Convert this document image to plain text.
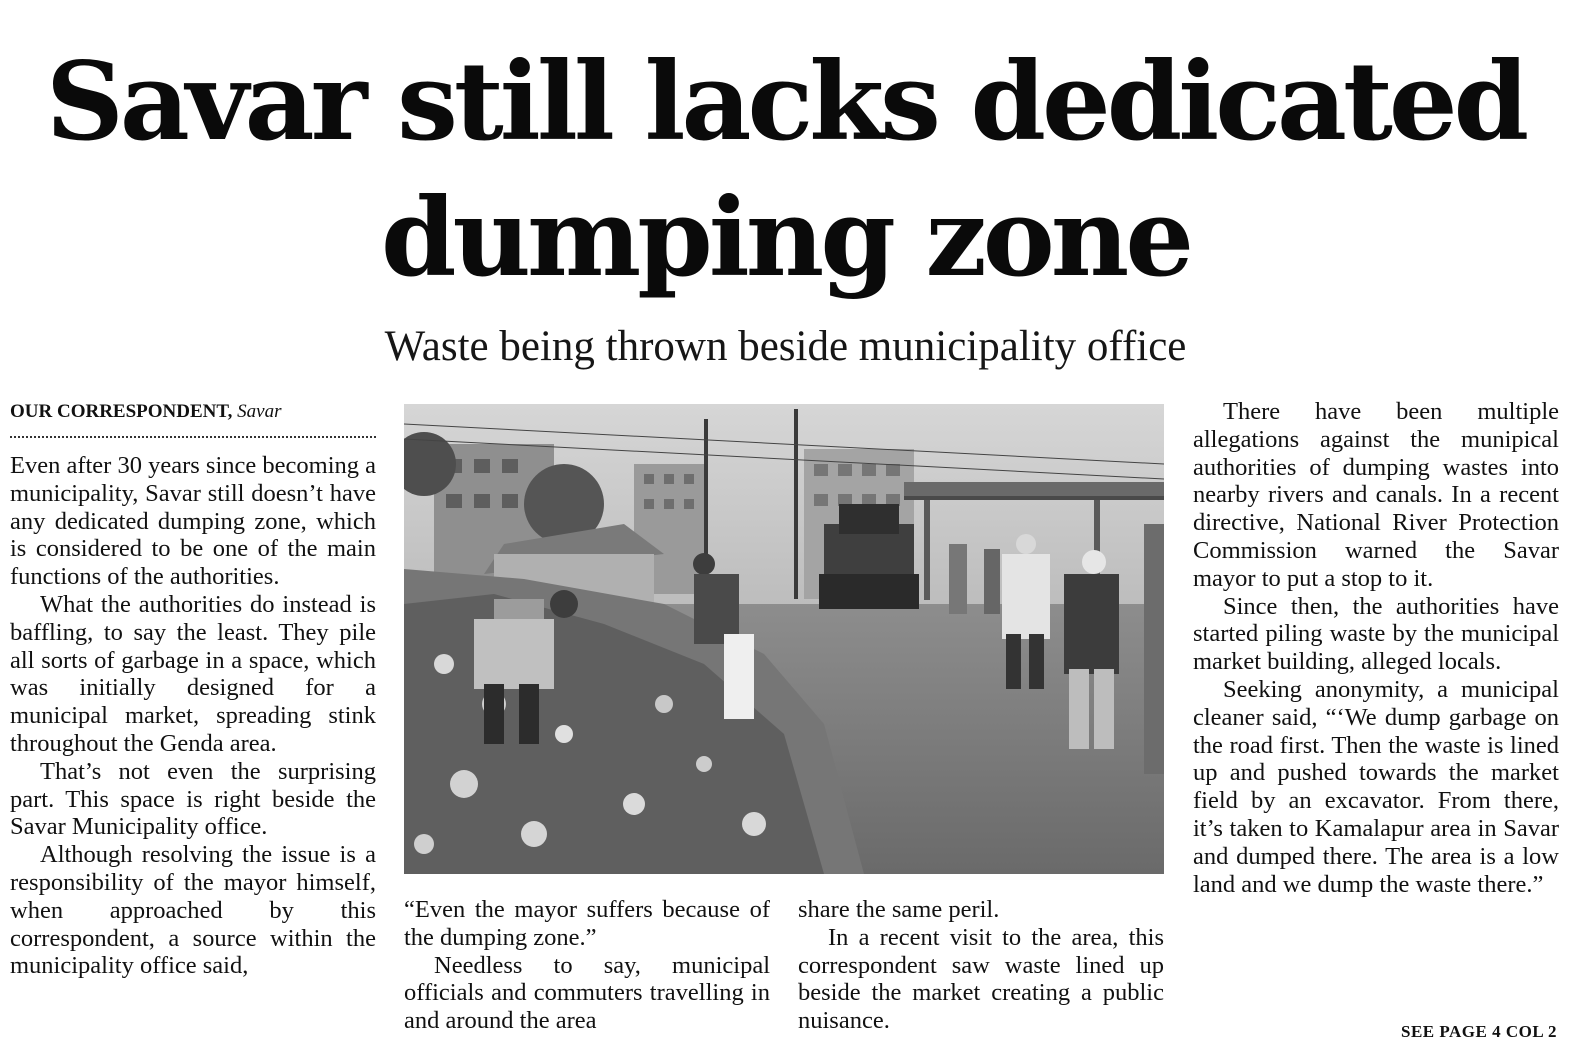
Savar still lacks dedicated dumping zone
Waste being thrown beside municipality office
OUR CORRESPONDENT, Savar

Even after 30 years since becoming a municipality, Savar still doesn’t have any dedicated dumping zone, which is considered to be one of the main functions of the authorities.

What the authorities do instead is baffling, to say the least. They pile all sorts of garbage in a space, which was initially designed for a municipal market, spreading stink throughout the Genda area.

That’s not even the surprising part. This space is right beside the Savar Municipality office.

Although resolving the issue is a responsibility of the mayor himself, when approached by this correspondent, a source within the municipality office said,

“Even the mayor suffers because of the dumping zone.”

Needless to say, municipal officials and commuters travelling in and around the area

share the same peril.

In a recent visit to the area, this correspondent saw waste lined up beside the market creating a public nuisance.

There have been multiple allegations against the munipical authorities of dumping wastes into nearby rivers and canals. In a recent directive, National River Protection Commission warned the Savar mayor to put a stop to it.

Since then, the authorities have started piling waste by the municipal market building, alleged locals.

Seeking anonymity, a municipal cleaner said, “‘We dump garbage on the road first. Then the waste is lined up and pushed towards the market field by an excavator. From there, it’s taken to Kamalapur area in Savar and dumped there. The area is a low land and we dump the waste there.”

SEE PAGE 4 COL 2
